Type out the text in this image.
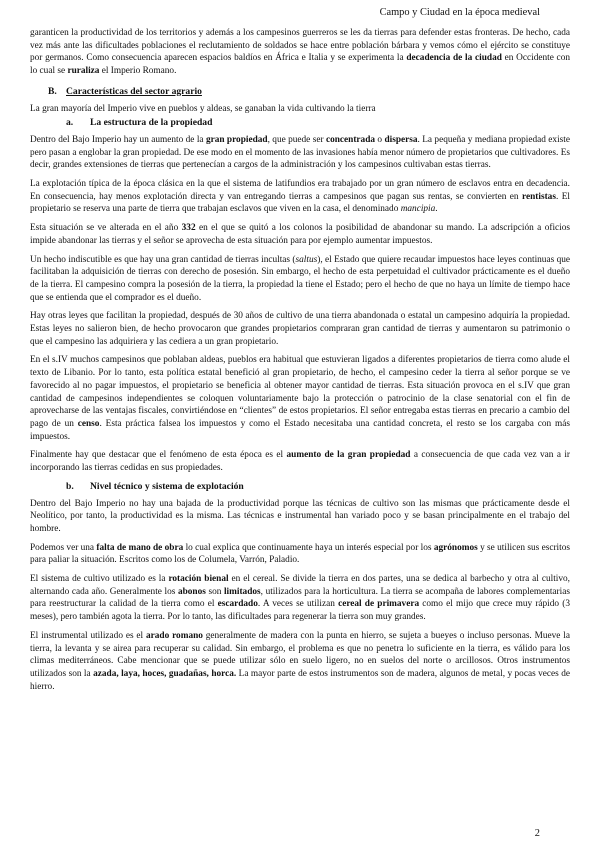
Campo y Ciudad en la época medieval

garanticen la productividad de los territorios y además a los campesinos guerreros se les da tierras para defender estas fronteras. De hecho, cada vez más ante las dificultades poblaciones el reclutamiento de soldados se hace entre población bárbara y vemos cómo el ejército se constituye por germanos. Como consecuencia aparecen espacios baldíos en África e Italia y se experimenta la decadencia de la ciudad en Occidente con lo cual se ruraliza el Imperio Romano.

B. Características del sector agrario

La gran mayoría del Imperio vive en pueblos y aldeas, se ganaban la vida cultivando la tierra

a. La estructura de la propiedad

Dentro del Bajo Imperio hay un aumento de la gran propiedad, que puede ser concentrada o dispersa. La pequeña y mediana propiedad existe pero pasan a englobar la gran propiedad. De ese modo en el momento de las invasiones había menor número de propietarios que cultivadores. Es decir, grandes extensiones de tierras que pertenecían a cargos de la administración y los campesinos cultivaban estas tierras.

La explotación típica de la época clásica en la que el sistema de latifundios era trabajado por un gran número de esclavos entra en decadencia. En consecuencia, hay menos explotación directa y van entregando tierras a campesinos que pagan sus rentas, se convierten en rentistas. El propietario se reserva una parte de tierra que trabajan esclavos que viven en la casa, el denominado mancipia.

Esta situación se ve alterada en el año 332 en el que se quitó a los colonos la posibilidad de abandonar su mando. La adscripción a oficios impide abandonar las tierras y el señor se aprovecha de esta situación para por ejemplo aumentar impuestos.

Un hecho indiscutible es que hay una gran cantidad de tierras incultas (saltus), el Estado que quiere recaudar impuestos hace leyes continuas que facilitaban la adquisición de tierras con derecho de posesión. Sin embargo, el hecho de esta perpetuidad el cultivador prácticamente es el dueño de la tierra. El campesino compra la posesión de la tierra, la propiedad la tiene el Estado; pero el hecho de que no haya un límite de tiempo hace que se entienda que el comprador es el dueño.

Hay otras leyes que facilitan la propiedad, después de 30 años de cultivo de una tierra abandonada o estatal un campesino adquiría la propiedad. Estas leyes no salieron bien, de hecho provocaron que grandes propietarios compraran gran cantidad de tierras y aumentaron su patrimonio o que el campesino las adquiriera y las cediera a un gran propietario.

En el s.IV muchos campesinos que poblaban aldeas, pueblos era habitual que estuvieran ligados a diferentes propietarios de tierra como alude el texto de Libanio. Por lo tanto, esta política estatal benefició al gran propietario, de hecho, el campesino ceder la tierra al señor porque se ve favorecido al no pagar impuestos, el propietario se beneficia al obtener mayor cantidad de tierras. Esta situación provoca en el s.IV que gran cantidad de campesinos independientes se coloquen voluntariamente bajo la protección o patrocinio de la clase senatorial con el fin de aprovecharse de las ventajas fiscales, convirtiéndose en “clientes” de estos propietarios. El señor entregaba estas tierras en precario a cambio del pago de un censo. Esta práctica falsea los impuestos y como el Estado necesitaba una cantidad concreta, el resto se los cargaba con más impuestos.

Finalmente hay que destacar que el fenómeno de esta época es el aumento de la gran propiedad a consecuencia de que cada vez van a ir incorporando las tierras cedidas en sus propiedades.

b. Nivel técnico y sistema de explotación

Dentro del Bajo Imperio no hay una bajada de la productividad porque las técnicas de cultivo son las mismas que prácticamente desde el Neolítico, por tanto, la productividad es la misma. Las técnicas e instrumental han variado poco y se basan principalmente en el trabajo del hombre.

Podemos ver una falta de mano de obra lo cual explica que continuamente haya un interés especial por los agrónomos y se utilicen sus escritos para paliar la situación. Escritos como los de Columela, Varrón, Paladio.

El sistema de cultivo utilizado es la rotación bienal en el cereal. Se divide la tierra en dos partes, una se dedica al barbecho y otra al cultivo, alternando cada año. Generalmente los abonos son limitados, utilizados para la horticultura. La tierra se acompaña de labores complementarias para reestructurar la calidad de la tierra como el escardado. A veces se utilizan cereal de primavera como el mijo que crece muy rápido (3 meses), pero también agota la tierra. Por lo tanto, las dificultades para regenerar la tierra son muy grandes.

El instrumental utilizado es el arado romano generalmente de madera con la punta en hierro, se sujeta a bueyes o incluso personas. Mueve la tierra, la levanta y se airea para recuperar su calidad. Sin embargo, el problema es que no penetra lo suficiente en la tierra, es válido para los climas mediterráneos. Cabe mencionar que se puede utilizar sólo en suelo ligero, no en suelos del norte o arcillosos. Otros instrumentos utilizados son la azada, laya, hoces, guadañas, horca. La mayor parte de estos instrumentos son de madera, algunos de metal, y pocas veces de hierro.

2
